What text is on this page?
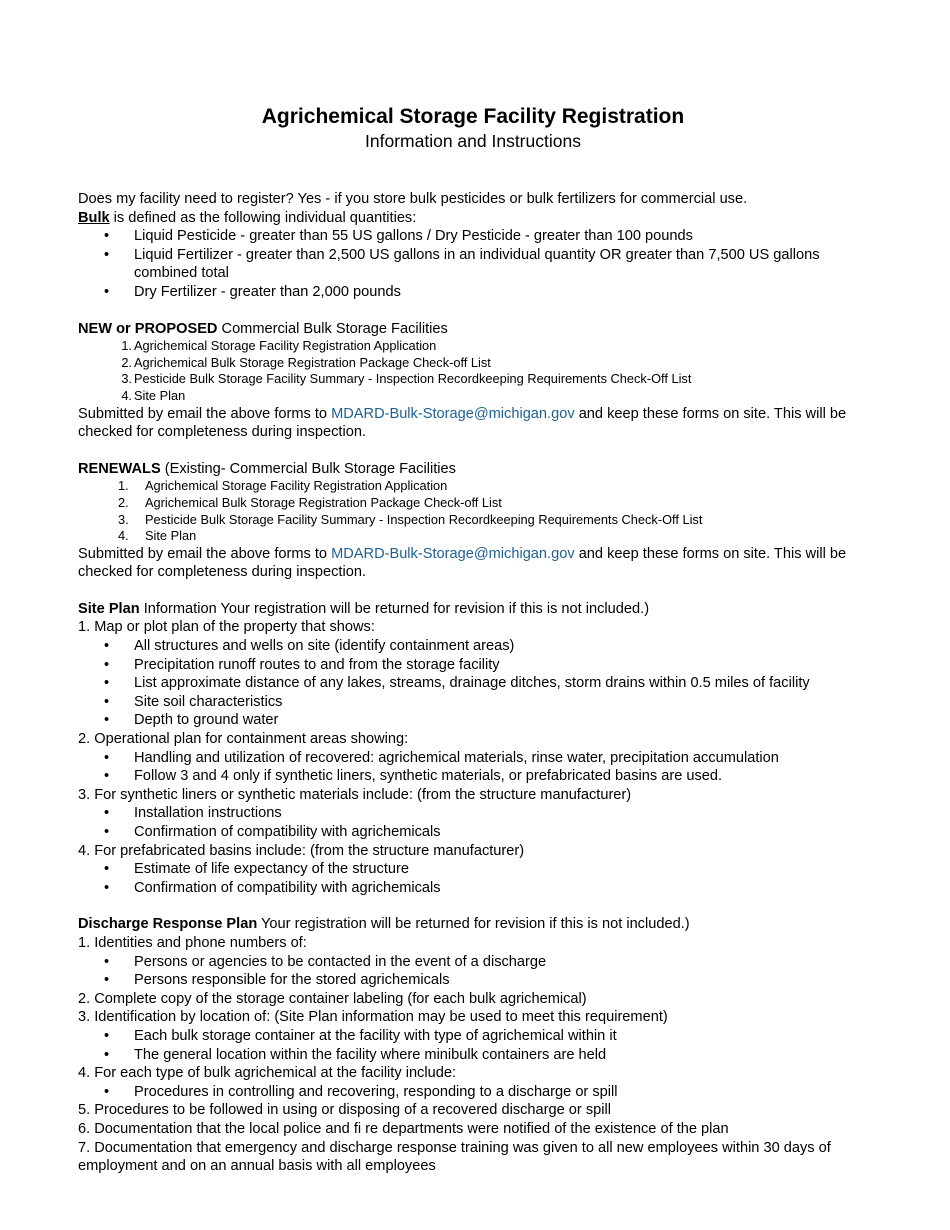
Agrichemical Storage Facility Registration
Information and Instructions
Does my facility need to register? Yes - if you store bulk pesticides or bulk fertilizers for commercial use.
Bulk is defined as the following individual quantities:
• Liquid Pesticide - greater than 55 US gallons / Dry Pesticide - greater than 100 pounds
• Liquid Fertilizer - greater than 2,500 US gallons in an individual quantity OR greater than 7,500 US gallons combined total
• Dry Fertilizer - greater than 2,000 pounds
NEW or PROPOSED Commercial Bulk Storage Facilities
1. Agrichemical Storage Facility Registration Application
2. Agrichemical Bulk Storage Registration Package Check-off List
3. Pesticide Bulk Storage Facility Summary - Inspection Recordkeeping Requirements Check-Off List
4. Site Plan
Submitted by email the above forms to MDARD-Bulk-Storage@michigan.gov and keep these forms on site. This will be checked for completeness during inspection.
RENEWALS (Existing- Commercial Bulk Storage Facilities
1.	Agrichemical Storage Facility Registration Application
2.	Agrichemical Bulk Storage Registration Package Check-off List
3.	Pesticide Bulk Storage Facility Summary - Inspection Recordkeeping Requirements Check-Off List
4.	Site Plan
Submitted by email the above forms to MDARD-Bulk-Storage@michigan.gov and keep these forms on site. This will be checked for completeness during inspection.
Site Plan Information Your registration will be returned for revision if this is not included.)
1. Map or plot plan of the property that shows:
• All structures and wells on site (identify containment areas)
• Precipitation runoff routes to and from the storage facility
• List approximate distance of any lakes, streams, drainage ditches, storm drains within 0.5 miles of facility
• Site soil characteristics
• Depth to ground water
2. Operational plan for containment areas showing:
• Handling and utilization of recovered: agrichemical materials, rinse water, precipitation accumulation
• Follow 3 and 4 only if synthetic liners, synthetic materials, or prefabricated basins are used.
3. For synthetic liners or synthetic materials include: (from the structure manufacturer)
• Installation instructions
• Confirmation of compatibility with agrichemicals
4. For prefabricated basins include: (from the structure manufacturer)
• Estimate of life expectancy of the structure
• Confirmation of compatibility with agrichemicals
Discharge Response Plan Your registration will be returned for revision if this is not included.)
1. Identities and phone numbers of:
• Persons or agencies to be contacted in the event of a discharge
• Persons responsible for the stored agrichemicals
2. Complete copy of the storage container labeling (for each bulk agrichemical)
3. Identification by location of: (Site Plan information may be used to meet this requirement)
• Each bulk storage container at the facility with type of agrichemical within it
• The general location within the facility where minibulk containers are held
4. For each type of bulk agrichemical at the facility include:
• Procedures in controlling and recovering, responding to a discharge or spill
5. Procedures to be followed in using or disposing of a recovered discharge or spill
6. Documentation that the local police and fi re departments were notified of the existence of the plan
7. Documentation that emergency and discharge response training was given to all new employees within 30 days of employment and on an annual basis with all employees
